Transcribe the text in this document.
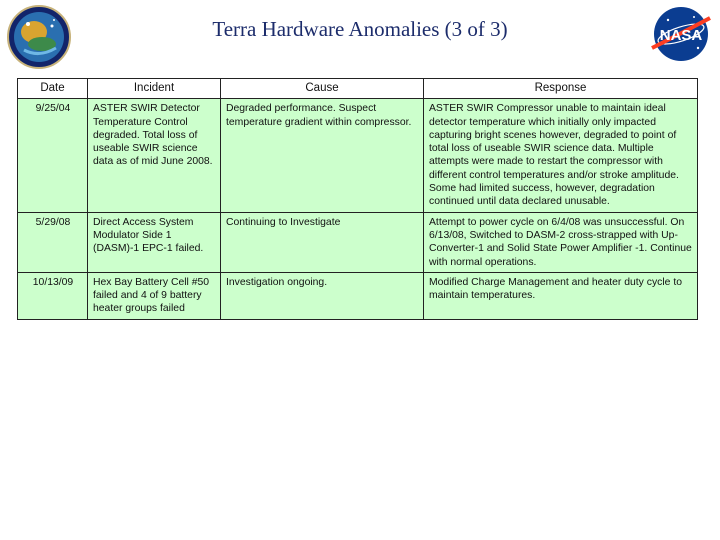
Terra Hardware Anomalies (3 of 3)	NASA
Date	Incident	Cause	Response
9/25/04	ASTER SWIR Detector Temperature Control degraded. Total loss of useable SWIR science data as of mid June 2008.	Degraded performance. Suspect temperature gradient within compressor.	ASTER SWIR Compressor unable to maintain ideal detector temperature which initially only impacted capturing bright scenes however, degraded to point of total loss of useable SWIR science data. Multiple attempts were made to restart the compressor with different control temperatures and/or stroke amplitude. Some had limited success, however, degradation continued until data declared unusable.
5/29/08	Direct Access System Modulator Side 1 (DASM)-1 EPC-1 failed.	Continuing to Investigate	Attempt to power cycle on 6/4/08 was unsuccessful. On 6/13/08, Switched to DASM-2 cross-strapped with Up-Converter-1 and Solid State Power Amplifier -1. Continue with normal operations.
10/13/09	Hex Bay Battery Cell #50 failed and 4 of 9 battery heater groups failed	Investigation ongoing.	Modified Charge Management and heater duty cycle to maintain temperatures.
